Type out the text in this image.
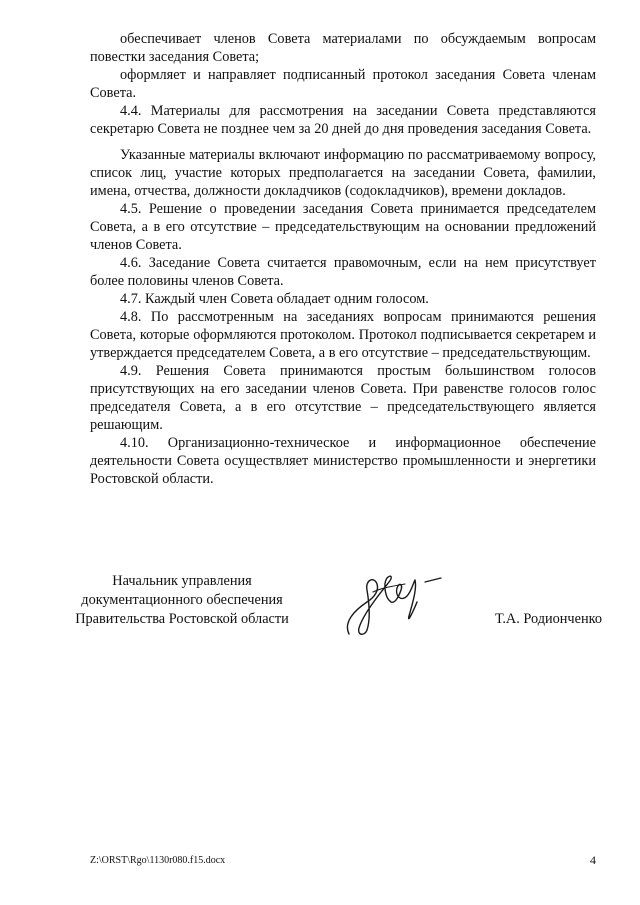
обеспечивает членов Совета материалами по обсуждаемым вопросам повестки заседания Совета;

оформляет и направляет подписанный протокол заседания Совета членам Совета.

4.4. Материалы для рассмотрения на заседании Совета представляются секретарю Совета не позднее чем за 20 дней до дня проведения заседания Совета.

Указанные материалы включают информацию по рассматриваемому вопросу, список лиц, участие которых предполагается на заседании Совета, фамилии, имена, отчества, должности докладчиков (содокладчиков), времени докладов.

4.5. Решение о проведении заседания Совета принимается председателем Совета, а в его отсутствие – председательствующим на основании предложений членов Совета.

4.6. Заседание Совета считается правомочным, если на нем присутствует более половины членов Совета.

4.7. Каждый член Совета обладает одним голосом.

4.8. По рассмотренным на заседаниях вопросам принимаются решения Совета, которые оформляются протоколом. Протокол подписывается секретарем и утверждается председателем Совета, а в его отсутствие – председательствующим.

4.9. Решения Совета принимаются простым большинством голосов присутствующих на его заседании членов Совета. При равенстве голосов голос председателя Совета, а в его отсутствие – председательствующего является решающим.

4.10. Организационно-техническое и информационное обеспечение деятельности Совета осуществляет министерство промышленности и энергетики Ростовской области.

Начальник управления
документационного обеспечения
Правительства Ростовской области	Т.А. Родионченко
Z:\ORST\Rgo\1130r080.f15.docx	4
